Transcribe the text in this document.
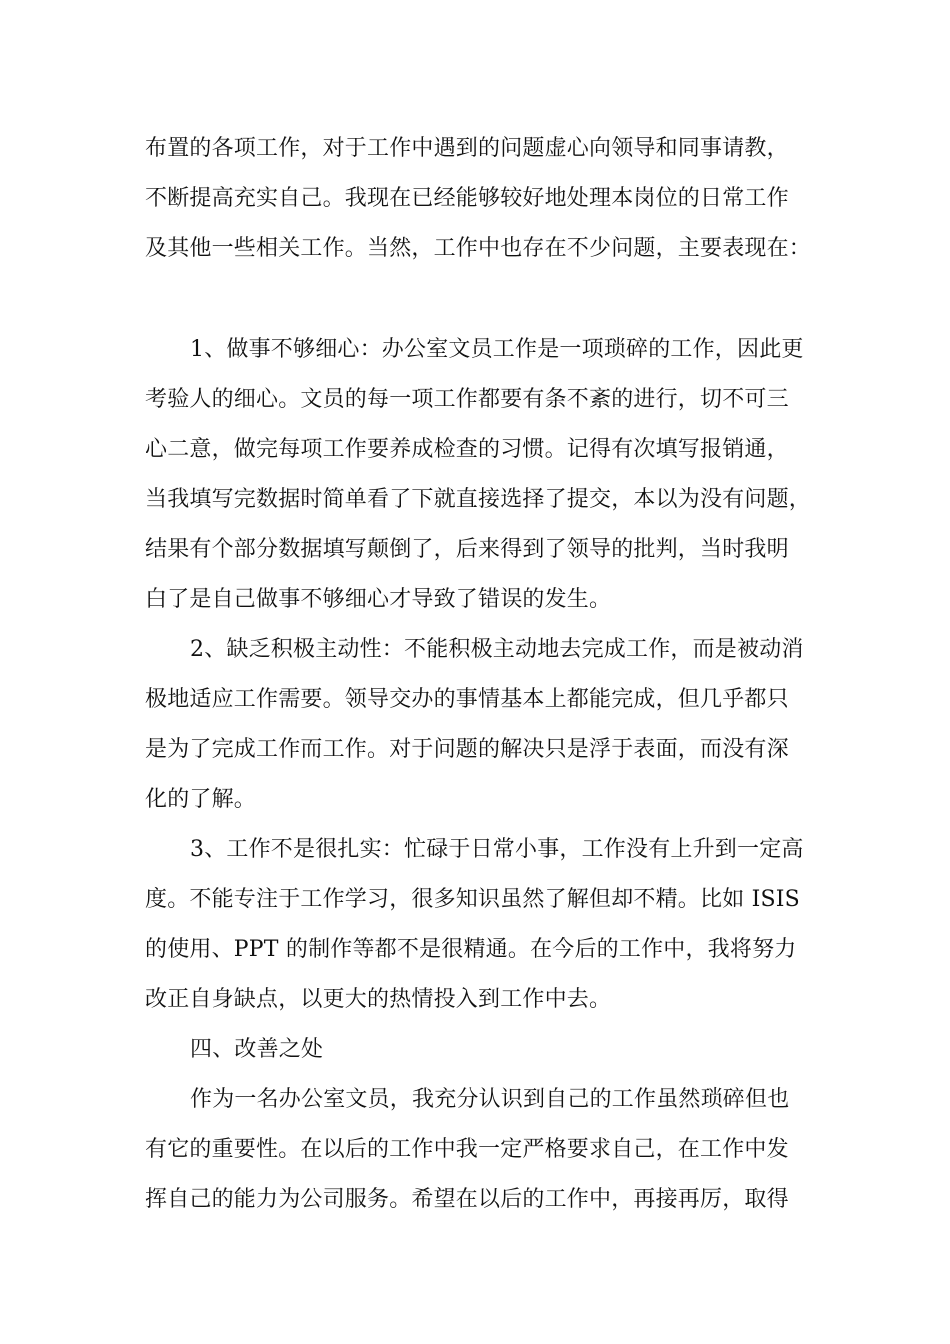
布置的各项工作，对于工作中遇到的问题虚心向领导和同事请教，
不断提高充实自己。我现在已经能够较好地处理本岗位的日常工作
及其他一些相关工作。当然，工作中也存在不少问题，主要表现在：
1、做事不够细心：办公室文员工作是一项琐碎的工作，因此更
考验人的细心。文员的每一项工作都要有条不紊的进行，切不可三
心二意，做完每项工作要养成检查的习惯。记得有次填写报销通，
当我填写完数据时简单看了下就直接选择了提交，本以为没有问题，
结果有个部分数据填写颠倒了，后来得到了领导的批判，当时我明
白了是自己做事不够细心才导致了错误的发生。
2、缺乏积极主动性：不能积极主动地去完成工作，而是被动消
极地适应工作需要。领导交办的事情基本上都能完成，但几乎都只
是为了完成工作而工作。对于问题的解决只是浮于表面，而没有深
化的了解。
3、工作不是很扎实：忙碌于日常小事，工作没有上升到一定高
度。不能专注于工作学习，很多知识虽然了解但却不精。比如 ISIS
的使用、PPT 的制作等都不是很精通。在今后的工作中，我将努力
改正自身缺点，以更大的热情投入到工作中去。
四、改善之处
作为一名办公室文员，我充分认识到自己的工作虽然琐碎但也
有它的重要性。在以后的工作中我一定严格要求自己，在工作中发
挥自己的能力为公司服务。希望在以后的工作中，再接再厉，取得
